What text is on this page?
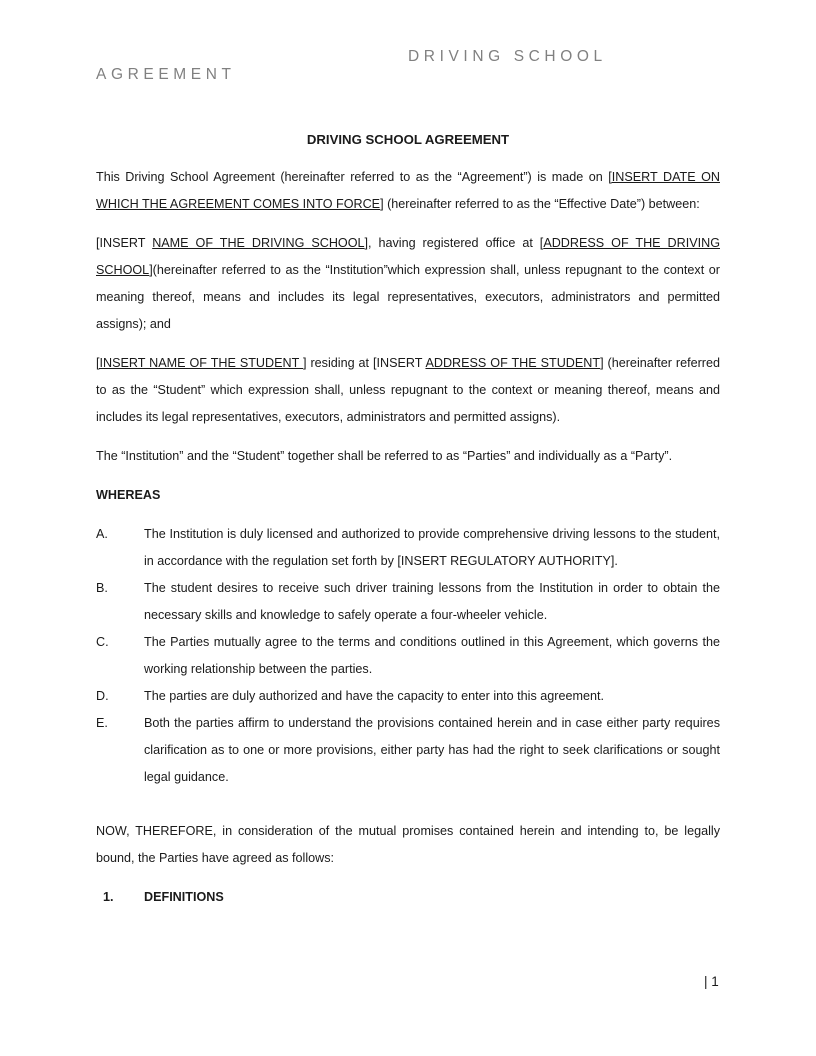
DRIVING SCHOOL
AGREEMENT
DRIVING SCHOOL AGREEMENT

This Driving School Agreement (hereinafter referred to as the “Agreement”) is made on [INSERT DATE ON WHICH THE AGREEMENT COMES INTO FORCE] (hereinafter referred to as the “Effective Date”) between:

[INSERT NAME OF THE DRIVING SCHOOL], having registered office at [ADDRESS OF THE DRIVING SCHOOL](hereinafter referred to as the “Institution”which expression shall, unless repugnant to the context or meaning thereof, means and includes its legal representatives, executors, administrators and permitted assigns); and

[INSERT NAME OF THE STUDENT ] residing at [INSERT ADDRESS OF THE STUDENT] (hereinafter referred to as the “Student” which expression shall, unless repugnant to the context or meaning thereof, means and includes its legal representatives, executors, administrators and permitted assigns).

The “Institution” and the “Student” together shall be referred to as “Parties” and individually as a “Party”.

WHEREAS
A.	The Institution is duly licensed and authorized to provide comprehensive driving lessons to the student, in accordance with the regulation set forth by [INSERT REGULATORY AUTHORITY].
B.	The student desires to receive such driver training lessons from the Institution in order to obtain the necessary skills and knowledge to safely operate a four-wheeler vehicle.
C.	The Parties mutually agree to the terms and conditions outlined in this Agreement, which governs the working relationship between the parties.
D.	The parties are duly authorized and have the capacity to enter into this agreement.
E.	Both the parties affirm to understand the provisions contained herein and in case either party requires clarification as to one or more provisions, either party has had the right to seek clarifications or sought legal guidance.

NOW, THEREFORE, in consideration of the mutual promises contained herein and intending to, be legally bound, the Parties have agreed as follows:

1.	DEFINITIONS
| 1
